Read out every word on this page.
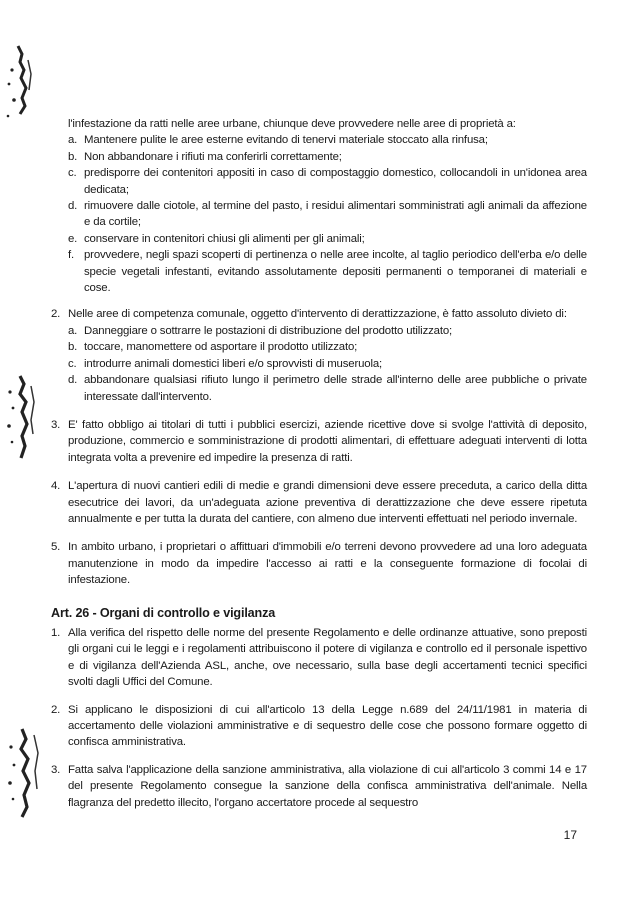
l'infestazione da ratti nelle aree urbane, chiunque deve provvedere nelle aree di proprietà a:

a. Mantenere pulite le aree esterne evitando di tenervi materiale stoccato alla rinfusa;
b. Non abbandonare i rifiuti ma conferirli correttamente;
c. predisporre dei contenitori appositi in caso di compostaggio domestico, collocandoli in un'idonea area dedicata;
d. rimuovere dalle ciotole, al termine del pasto, i residui alimentari somministrati agli animali da affezione e da cortile;
e. conservare in contenitori chiusi gli alimenti per gli animali;
f. provvedere, negli spazi scoperti di pertinenza o nelle aree incolte, al taglio periodico dell'erba e/o delle specie vegetali infestanti, evitando assolutamente depositi permanenti o temporanei di materiali e cose.
2. Nelle aree di competenza comunale, oggetto d'intervento di derattizzazione, è fatto assoluto divieto di:
a. Danneggiare o sottrarre le postazioni di distribuzione del prodotto utilizzato;
b. toccare, manomettere od asportare il prodotto utilizzato;
c. introdurre animali domestici liberi e/o sprovvisti di museruola;
d. abbandonare qualsiasi rifiuto lungo il perimetro delle strade all'interno delle aree pubbliche o private interessate dall'intervento.
3. E' fatto obbligo ai titolari di tutti i pubblici esercizi, aziende ricettive dove si svolge l'attività di deposito, produzione, commercio e somministrazione di prodotti alimentari, di effettuare adeguati interventi di lotta integrata volta a prevenire ed impedire la presenza di ratti.
4. L'apertura di nuovi cantieri edili di medie e grandi dimensioni deve essere preceduta, a carico della ditta esecutrice dei lavori, da un'adeguata azione preventiva di derattizzazione che deve essere ripetuta annualmente e per tutta la durata del cantiere, con almeno due interventi effettuati nel periodo invernale.
5. In ambito urbano, i proprietari o affittuari d'immobili e/o terreni devono provvedere ad una loro adeguata manutenzione in modo da impedire l'accesso ai ratti e la conseguente formazione di focolai di infestazione.
Art. 26 - Organi di controllo e vigilanza
1. Alla verifica del rispetto delle norme del presente Regolamento e delle ordinanze attuative, sono preposti gli organi cui le leggi e i regolamenti attribuiscono il potere di vigilanza e controllo ed il personale ispettivo e di vigilanza dell'Azienda ASL, anche, ove necessario, sulla base degli accertamenti tecnici specifici svolti dagli Uffici del Comune.
2. Si applicano le disposizioni di cui all'articolo 13 della Legge n.689 del 24/11/1981 in materia di accertamento delle violazioni amministrative e di sequestro delle cose che possono formare oggetto di confisca amministrativa.
3. Fatta salva l'applicazione della sanzione amministrativa, alla violazione di cui all'articolo 3 commi 14 e 17 del presente Regolamento consegue la sanzione della confisca amministrativa dell'animale. Nella flagranza del predetto illecito, l'organo accertatore procede al sequestro
17
